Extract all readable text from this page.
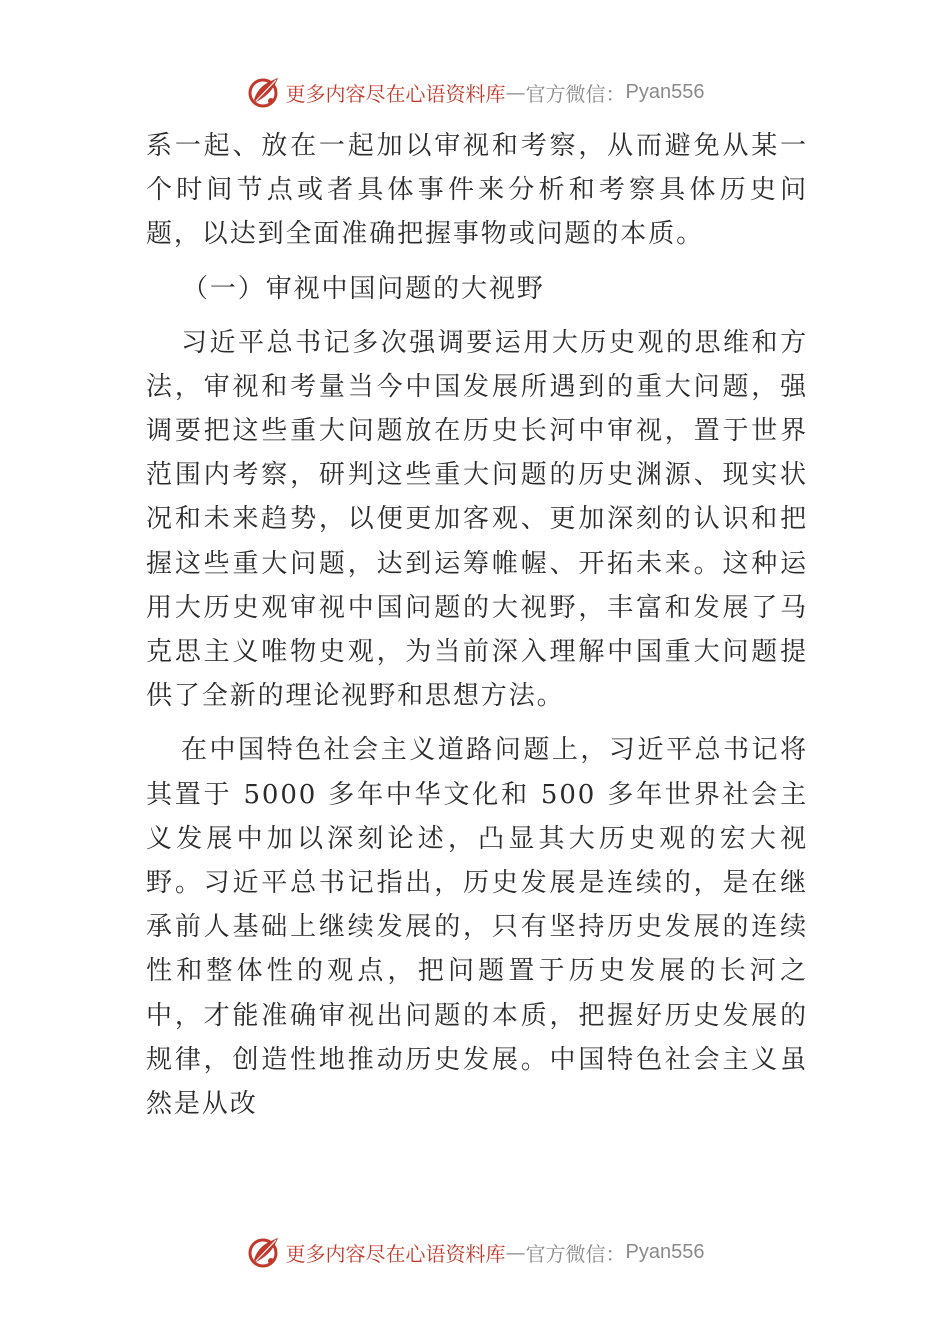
更多内容尽在心语资料库 — 官方微信： Pyan556

系一起、放在一起加以审视和考察，从而避免从某一个时间节点或者具体事件来分析和考察具体历史问题，以达到全面准确把握事物或问题的本质。

（一）审视中国问题的大视野

习近平总书记多次强调要运用大历史观的思维和方法，审视和考量当今中国发展所遇到的重大问题，强调要把这些重大问题放在历史长河中审视，置于世界范围内考察，研判这些重大问题的历史渊源、现实状况和未来趋势，以便更加客观、更加深刻的认识和把握这些重大问题，达到运筹帷幄、开拓未来。这种运用大历史观审视中国问题的大视野，丰富和发展了马克思主义唯物史观，为当前深入理解中国重大问题提供了全新的理论视野和思想方法。

在中国特色社会主义道路问题上，习近平总书记将其置于 5000 多年中华文化和 500 多年世界社会主义发展中加以深刻论述，凸显其大历史观的宏大视野。习近平总书记指出，历史发展是连续的，是在继承前人基础上继续发展的，只有坚持历史发展的连续性和整体性的观点，把问题置于历史发展的长河之中，才能准确审视出问题的本质，把握好历史发展的规律，创造性地推动历史发展。中国特色社会主义虽然是从改

更多内容尽在心语资料库 — 官方微信： Pyan556
